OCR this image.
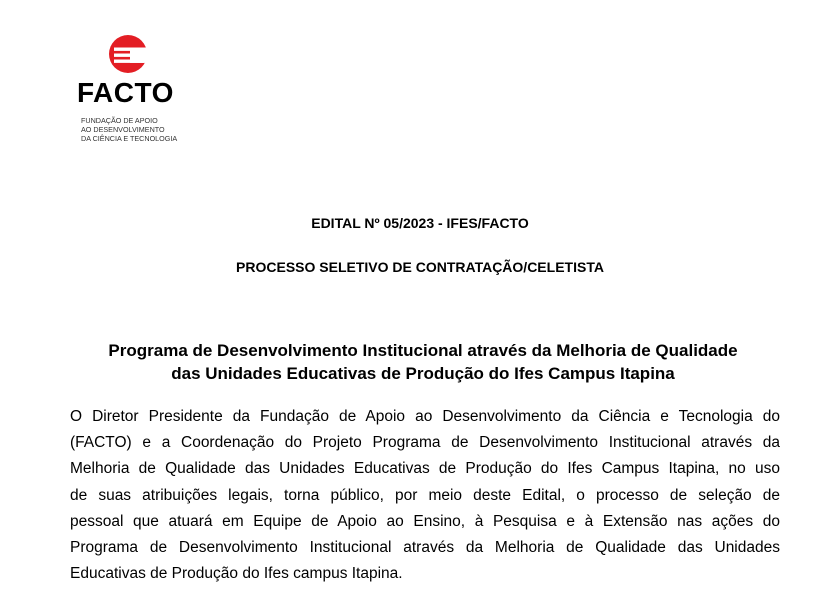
FACTO
FUNDAÇÃO DE APOIO
AO DESENVOLVIMENTO
DA CIÊNCIA E TECNOLOGIA
EDITAL Nº 05/2023 - IFES/FACTO
PROCESSO SELETIVO DE CONTRATAÇÃO/CELETISTA
Programa de Desenvolvimento Institucional através da Melhoria de Qualidade
das Unidades Educativas de Produção do Ifes Campus Itapina
O Diretor Presidente da Fundação de Apoio ao Desenvolvimento da Ciência e Tecnologia do
(FACTO) e a Coordenação do Projeto Programa de Desenvolvimento Institucional através da
Melhoria de Qualidade das Unidades Educativas de Produção do Ifes Campus Itapina, no uso
de suas atribuições legais, torna público, por meio deste Edital, o processo de seleção de
pessoal que atuará em Equipe de Apoio ao Ensino, à Pesquisa e à Extensão nas ações do
Programa de Desenvolvimento Institucional através da Melhoria de Qualidade das Unidades
Educativas de Produção do Ifes campus Itapina.
